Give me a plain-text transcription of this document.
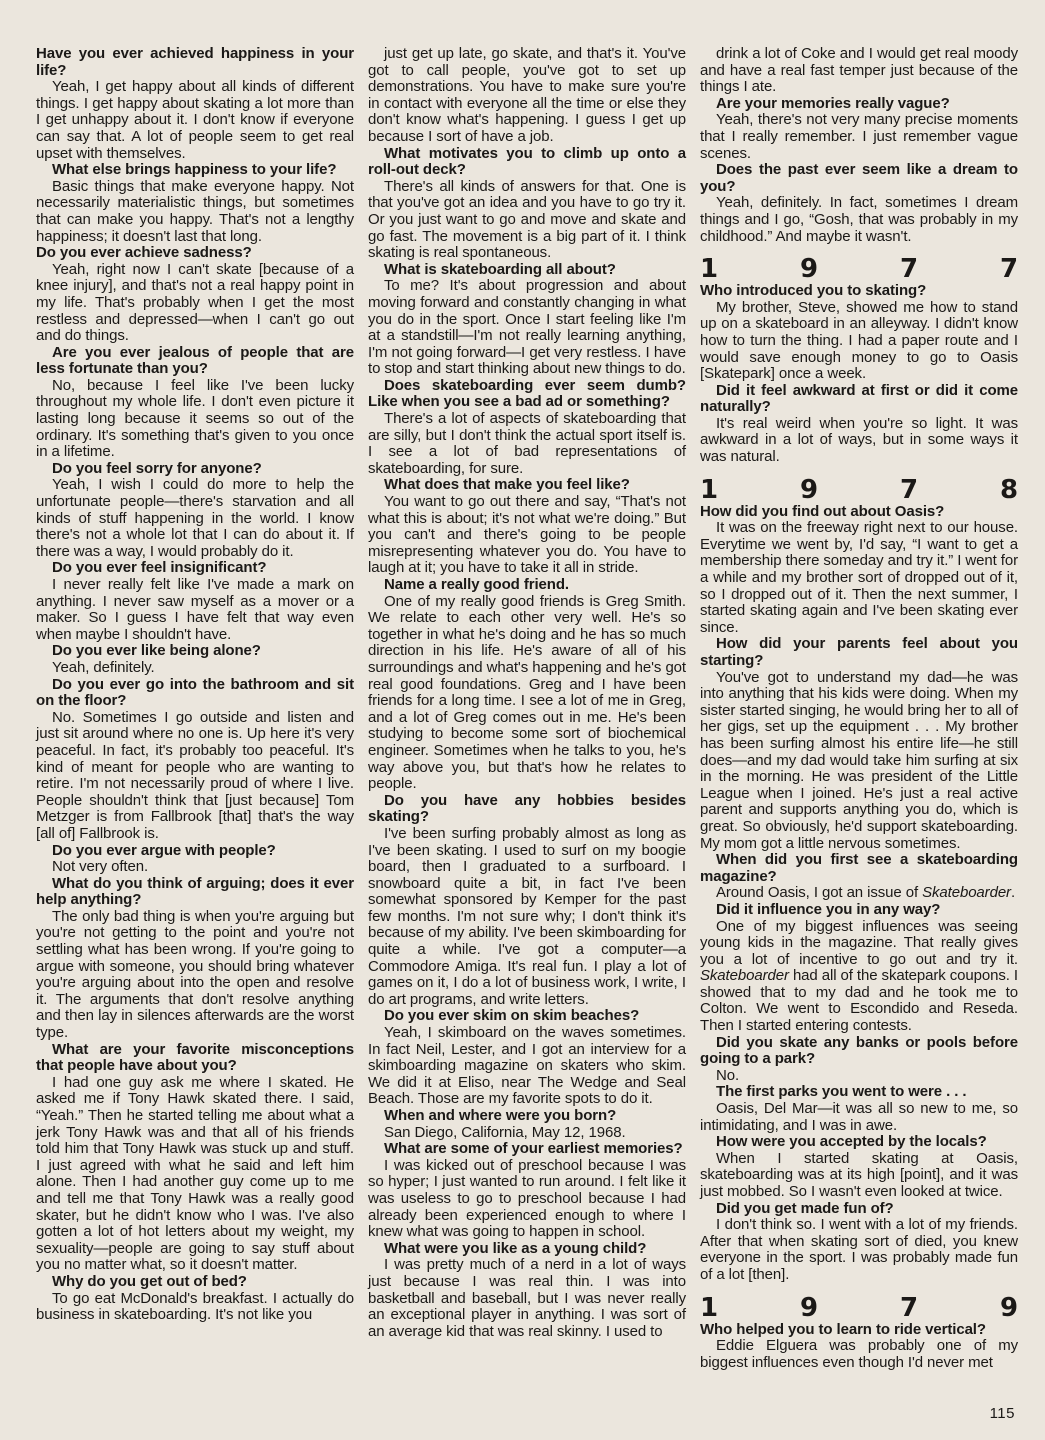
Have you ever achieved happiness in your life?

Yeah, I get happy about all kinds of different things. I get happy about skating a lot more than I get unhappy about it. I don't know if everyone can say that. A lot of people seem to get real upset with themselves.

What else brings happiness to your life?

Basic things that make everyone happy. Not necessarily materialistic things, but sometimes that can make you happy. That's not a lengthy happiness; it doesn't last that long.

Do you ever achieve sadness?

Yeah, right now I can't skate [because of a knee injury], and that's not a real happy point in my life. That's probably when I get the most restless and depressed—when I can't go out and do things.

Are you ever jealous of people that are less fortunate than you?

No, because I feel like I've been lucky throughout my whole life. I don't even picture it lasting long because it seems so out of the ordinary. It's something that's given to you once in a lifetime.

Do you feel sorry for anyone?

Yeah, I wish I could do more to help the unfortunate people—there's starvation and all kinds of stuff happening in the world. I know there's not a whole lot that I can do about it. If there was a way, I would probably do it.

Do you ever feel insignificant?

I never really felt like I've made a mark on anything. I never saw myself as a mover or a maker. So I guess I have felt that way even when maybe I shouldn't have.

Do you ever like being alone?

Yeah, definitely.

Do you ever go into the bathroom and sit on the floor?

No. Sometimes I go outside and listen and just sit around where no one is. Up here it's very peaceful. In fact, it's probably too peaceful. It's kind of meant for people who are wanting to retire. I'm not necessarily proud of where I live. People shouldn't think that [just because] Tom Metzger is from Fallbrook [that] that's the way [all of] Fallbrook is.

Do you ever argue with people?

Not very often.

What do you think of arguing; does it ever help anything?

The only bad thing is when you're arguing but you're not getting to the point and you're not settling what has been wrong. If you're going to argue with someone, you should bring whatever you're arguing about into the open and resolve it. The arguments that don't resolve anything and then lay in silences afterwards are the worst type.

What are your favorite misconceptions that people have about you?

I had one guy ask me where I skated. He asked me if Tony Hawk skated there. I said, “Yeah.” Then he started telling me about what a jerk Tony Hawk was and that all of his friends told him that Tony Hawk was stuck up and stuff. I just agreed with what he said and left him alone. Then I had another guy come up to me and tell me that Tony Hawk was a really good skater, but he didn't know who I was. I've also gotten a lot of hot letters about my weight, my sexuality—people are going to say stuff about you no matter what, so it doesn't matter.

Why do you get out of bed?

To go eat McDonald's breakfast. I actually do business in skateboarding. It's not like you

just get up late, go skate, and that's it. You've got to call people, you've got to set up demonstrations. You have to make sure you're in contact with everyone all the time or else they don't know what's happening. I guess I get up because I sort of have a job.

What motivates you to climb up onto a roll-out deck?

There's all kinds of answers for that. One is that you've got an idea and you have to go try it. Or you just want to go and move and skate and go fast. The movement is a big part of it. I think skating is real spontaneous.

What is skateboarding all about?

To me? It's about progression and about moving forward and constantly changing in what you do in the sport. Once I start feeling like I'm at a standstill—I'm not really learning anything, I'm not going forward—I get very restless. I have to stop and start thinking about new things to do.

Does skateboarding ever seem dumb? Like when you see a bad ad or something?

There's a lot of aspects of skateboarding that are silly, but I don't think the actual sport itself is. I see a lot of bad representations of skateboarding, for sure.

What does that make you feel like?

You want to go out there and say, “That's not what this is about; it's not what we're doing.” But you can't and there's going to be people misrepresenting whatever you do. You have to laugh at it; you have to take it all in stride.

Name a really good friend.

One of my really good friends is Greg Smith. We relate to each other very well. He's so together in what he's doing and he has so much direction in his life. He's aware of all of his surroundings and what's happening and he's got real good foundations. Greg and I have been friends for a long time. I see a lot of me in Greg, and a lot of Greg comes out in me. He's been studying to become some sort of biochemical engineer. Sometimes when he talks to you, he's way above you, but that's how he relates to people.

Do you have any hobbies besides skating?

I've been surfing probably almost as long as I've been skating. I used to surf on my boogie board, then I graduated to a surfboard. I snowboard quite a bit, in fact I've been somewhat sponsored by Kemper for the past few months. I'm not sure why; I don't think it's because of my ability. I've been skimboarding for quite a while. I've got a computer—a Commodore Amiga. It's real fun. I play a lot of games on it, I do a lot of business work, I write, I do art programs, and write letters.

Do you ever skim on skim beaches?

Yeah, I skimboard on the waves sometimes. In fact Neil, Lester, and I got an interview for a skimboarding magazine on skaters who skim. We did it at Eliso, near The Wedge and Seal Beach. Those are my favorite spots to do it.

When and where were you born?

San Diego, California, May 12, 1968.

What are some of your earliest memories?

I was kicked out of preschool because I was so hyper; I just wanted to run around. I felt like it was useless to go to preschool because I had already been experienced enough to where I knew what was going to happen in school.

What were you like as a young child?

I was pretty much of a nerd in a lot of ways just because I was real thin. I was into basketball and baseball, but I was never really an exceptional player in anything. I was sort of an average kid that was real skinny. I used to

drink a lot of Coke and I would get real moody and have a real fast temper just because of the things I ate.

Are your memories really vague?

Yeah, there's not very many precise moments that I really remember. I just remember vague scenes.

Does the past ever seem like a dream to you?

Yeah, definitely. In fact, sometimes I dream things and I go, “Gosh, that was probably in my childhood.” And maybe it wasn't.

1	9	7	7

Who introduced you to skating?

My brother, Steve, showed me how to stand up on a skateboard in an alleyway. I didn't know how to turn the thing. I had a paper route and I would save enough money to go to Oasis [Skatepark] once a week.

Did it feel awkward at first or did it come naturally?

It's real weird when you're so light. It was awkward in a lot of ways, but in some ways it was natural.

1	9	7	8

How did you find out about Oasis?

It was on the freeway right next to our house. Everytime we went by, I'd say, “I want to get a membership there someday and try it.” I went for a while and my brother sort of dropped out of it, so I dropped out of it. Then the next summer, I started skating again and I've been skating ever since.

How did your parents feel about you starting?

You've got to understand my dad—he was into anything that his kids were doing. When my sister started singing, he would bring her to all of her gigs, set up the equipment . . . My brother has been surfing almost his entire life—he still does—and my dad would take him surfing at six in the morning. He was president of the Little League when I joined. He's just a real active parent and supports anything you do, which is great. So obviously, he'd support skateboarding. My mom got a little nervous sometimes.

When did you first see a skateboarding magazine?

Around Oasis, I got an issue of Skateboarder.

Did it influence you in any way?

One of my biggest influences was seeing young kids in the magazine. That really gives you a lot of incentive to go out and try it. Skateboarder had all of the skatepark coupons. I showed that to my dad and he took me to Colton. We went to Escondido and Reseda. Then I started entering contests.

Did you skate any banks or pools before going to a park?

No.

The first parks you went to were . . .

Oasis, Del Mar—it was all so new to me, so intimidating, and I was in awe.

How were you accepted by the locals?

When I started skating at Oasis, skateboarding was at its high [point], and it was just mobbed. So I wasn't even looked at twice.

Did you get made fun of?

I don't think so. I went with a lot of my friends. After that when skating sort of died, you knew everyone in the sport. I was probably made fun of a lot [then].

1	9	7	9

Who helped you to learn to ride vertical?

Eddie Elguera was probably one of my biggest influences even though I'd never met

115
